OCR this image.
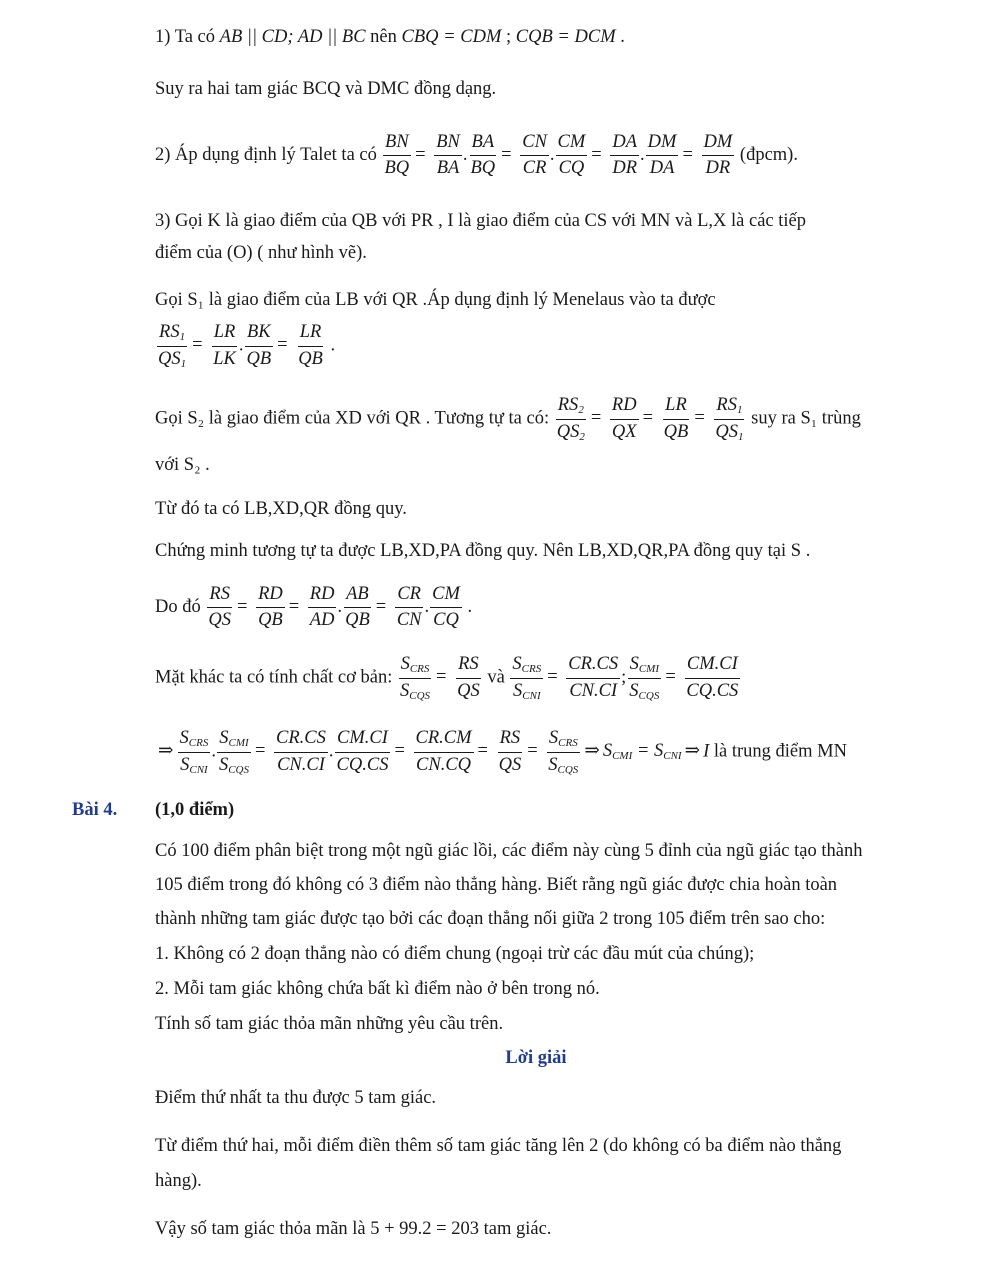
1) Ta có AB || CD; AD || BC nên CBQ = CDM ; CQB = DCM .
Suy ra hai tam giác BCQ và DMC đồng dạng.
2) Áp dụng định lý Talet ta có $\frac{BN}{BQ} = \frac{BN}{BA}$ . $\frac{BA}{BQ} = \frac{CN}{CR}$ . $\frac{CM}{CQ} = \frac{DA}{DR}$ . $\frac{DM}{DA} = \frac{DM}{DR}$ (đpcm).
3) Gọi K là giao điểm của QB với PR , I là giao điểm của CS với MN và L,X là các tiếp
điểm của (O) ( như hình vẽ).
Gọi S₁ là giao điểm của LB với QR .Áp dụng định lý Menelaus vào ta được
$\frac{RS_1}{QS_1} = \frac{LR}{LK}$ . $\frac{BK}{QB} = \frac{LR}{QB}$ .
Gọi S₂ là giao điểm của XD với QR . Tương tự ta có: $\frac{RS_2}{QS_2} = \frac{RD}{QX} = \frac{LR}{QB} = \frac{RS_1}{QS_1}$ suy ra S₁ trùng
với S₂ .
Từ đó ta có LB,XD,QR đồng quy.
Chứng minh tương tự ta được LB,XD,PA đồng quy. Nên LB,XD,QR,PA đồng quy tại S .
Do đó $\frac{RS}{QS} = \frac{RD}{QB} = \frac{RD}{AD}$ . $\frac{AB}{QB} = \frac{CR}{CN}$ . $\frac{CM}{CQ}$ .
Mặt khác ta có tính chất cơ bản:
$S_{CRS}$
$S_{CQS}$
= $\frac{RS}{QS}$ và
$S_{CRS}$
$S_{CNI}$
= $\frac{CR.CS}{CN.CI}$ ;
$S_{CMI}$
$S_{CQS}$
= $\frac{CM.CI}{CQ.CS}$
⇒
$S_{CRS}$
$S_{CNI}$
.
$S_{CMI}$
$S_{CQS}$
= $\frac{CR.CS}{CN.CI}$ . $\frac{CM.CI}{CQ.CS} = \frac{CR.CM}{CN.CQ} = \frac{RS}{QS}$ =
$S_{CRS}$
$S_{CQS}$
⇒ $S_{CMI} = S_{CNI}$ ⇒ I là trung điểm MN
Bài 4. (1,0 điểm)
Có 100 điểm phân biệt trong một ngũ giác lồi, các điểm này cùng 5 đỉnh của ngũ giác tạo thành
105 điểm trong đó không có 3 điểm nào thẳng hàng. Biết rằng ngũ giác được chia hoàn toàn
thành những tam giác được tạo bởi các đoạn thẳng nối giữa 2 trong 105 điểm trên sao cho:
1. Không có 2 đoạn thẳng nào có điểm chung (ngoại trừ các đầu mút của chúng);
2. Mỗi tam giác không chứa bất kì điểm nào ở bên trong nó.
Tính số tam giác thỏa mãn những yêu cầu trên.
Lời giải
Điểm thứ nhất ta thu được 5 tam giác.
Từ điểm thứ hai, mỗi điểm điền thêm số tam giác tăng lên 2 (do không có ba điểm nào thẳng
hàng).
Vậy số tam giác thỏa mãn là 5 + 99.2 = 203 tam giác.
